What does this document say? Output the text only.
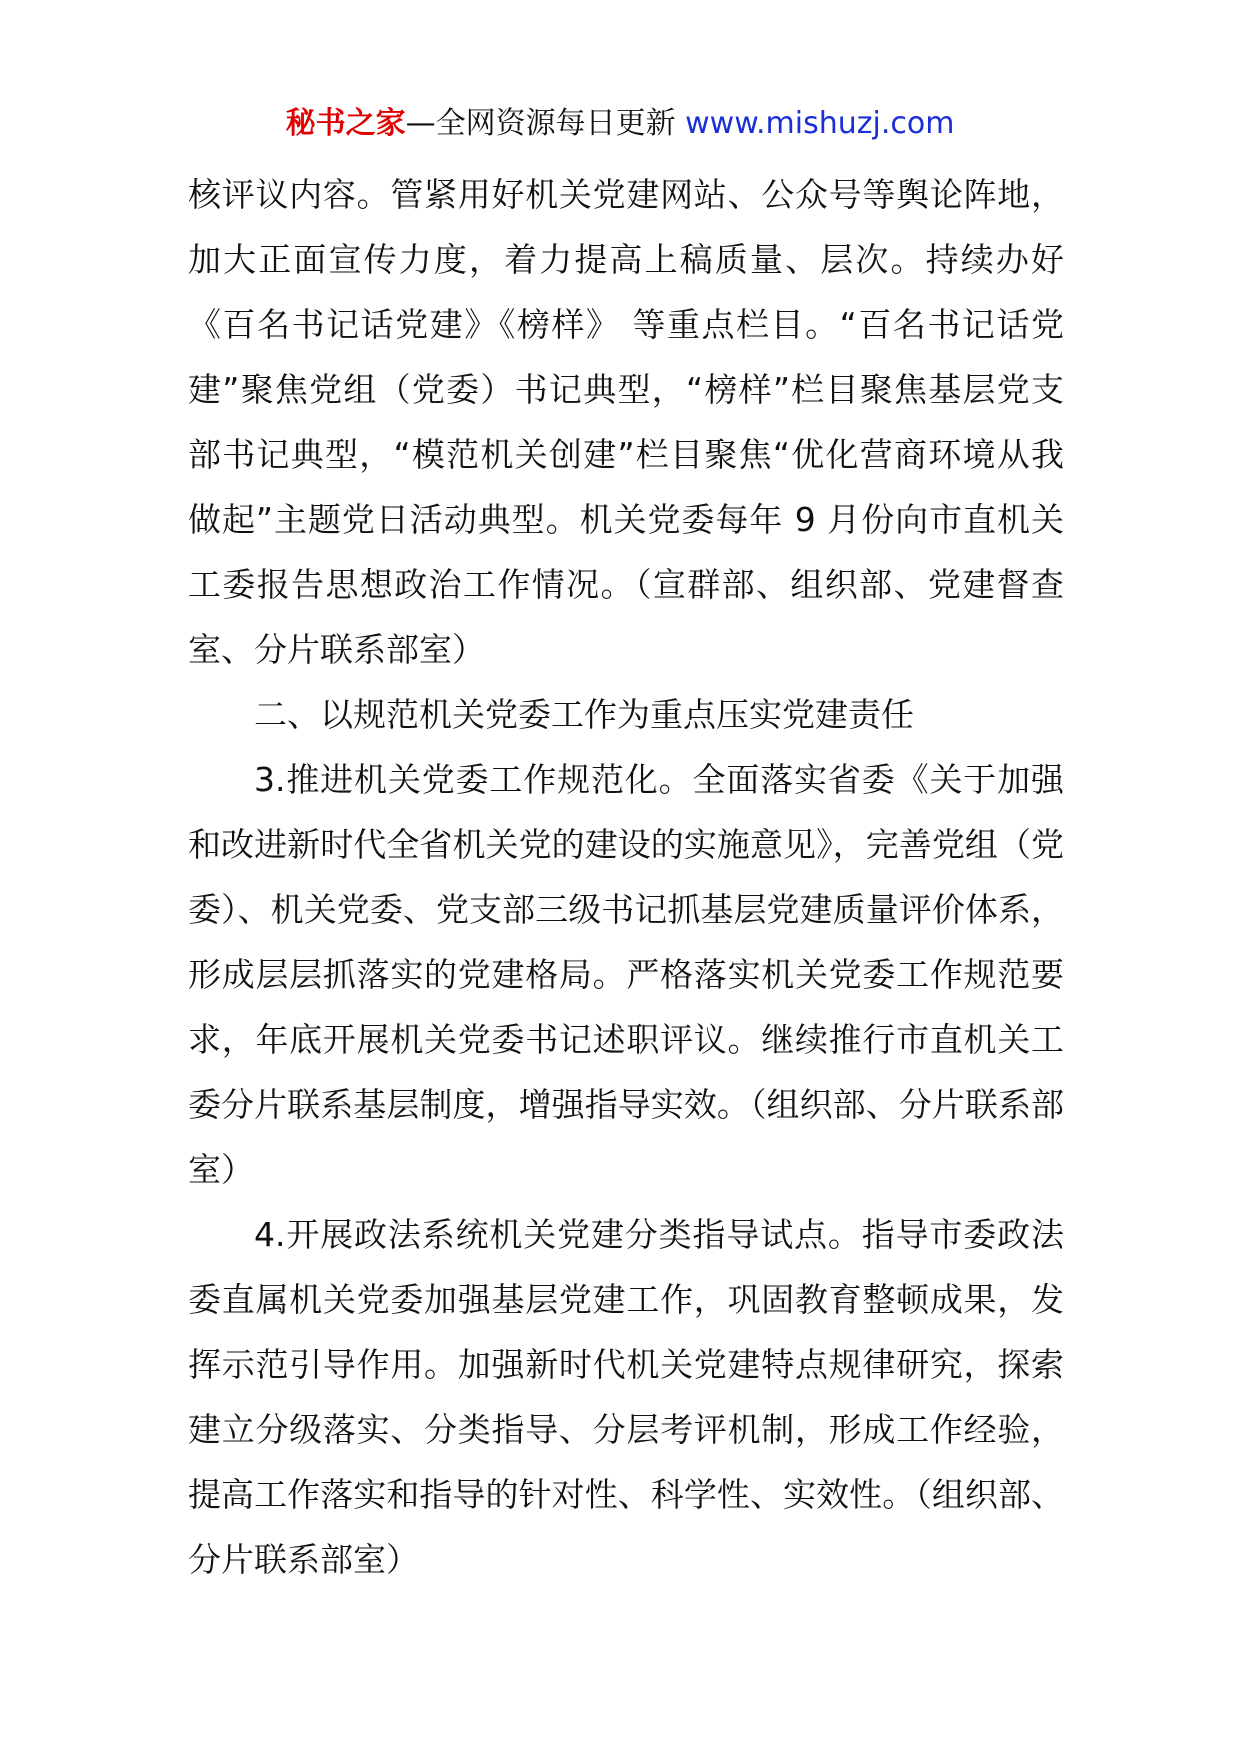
秘书之家—全网资源每日更新 www.mishuzj.com

核评议内容。管紧用好机关党建网站、公众号等舆论阵地，加大正面宣传力度，着力提高上稿质量、层次。持续办好《百名书记话党建》《榜样》 等重点栏目。“百名书记话党建”聚焦党组（党委）书记典型，“榜样”栏目聚焦基层党支部书记典型，“模范机关创建”栏目聚焦“优化营商环境从我做起”主题党日活动典型。机关党委每年 9 月份向市直机关工委报告思想政治工作情况。（宣群部、组织部、党建督查室、分片联系部室）

二、以规范机关党委工作为重点压实党建责任

3.推进机关党委工作规范化。全面落实省委《关于加强和改进新时代全省机关党的建设的实施意见》，完善党组（党委）、机关党委、党支部三级书记抓基层党建质量评价体系，形成层层抓落实的党建格局。严格落实机关党委工作规范要求，年底开展机关党委书记述职评议。继续推行市直机关工委分片联系基层制度，增强指导实效。（组织部、分片联系部室）

4.开展政法系统机关党建分类指导试点。指导市委政法委直属机关党委加强基层党建工作，巩固教育整顿成果，发挥示范引导作用。加强新时代机关党建特点规律研究，探索建立分级落实、分类指导、分层考评机制，形成工作经验，提高工作落实和指导的针对性、科学性、实效性。（组织部、分片联系部室）
